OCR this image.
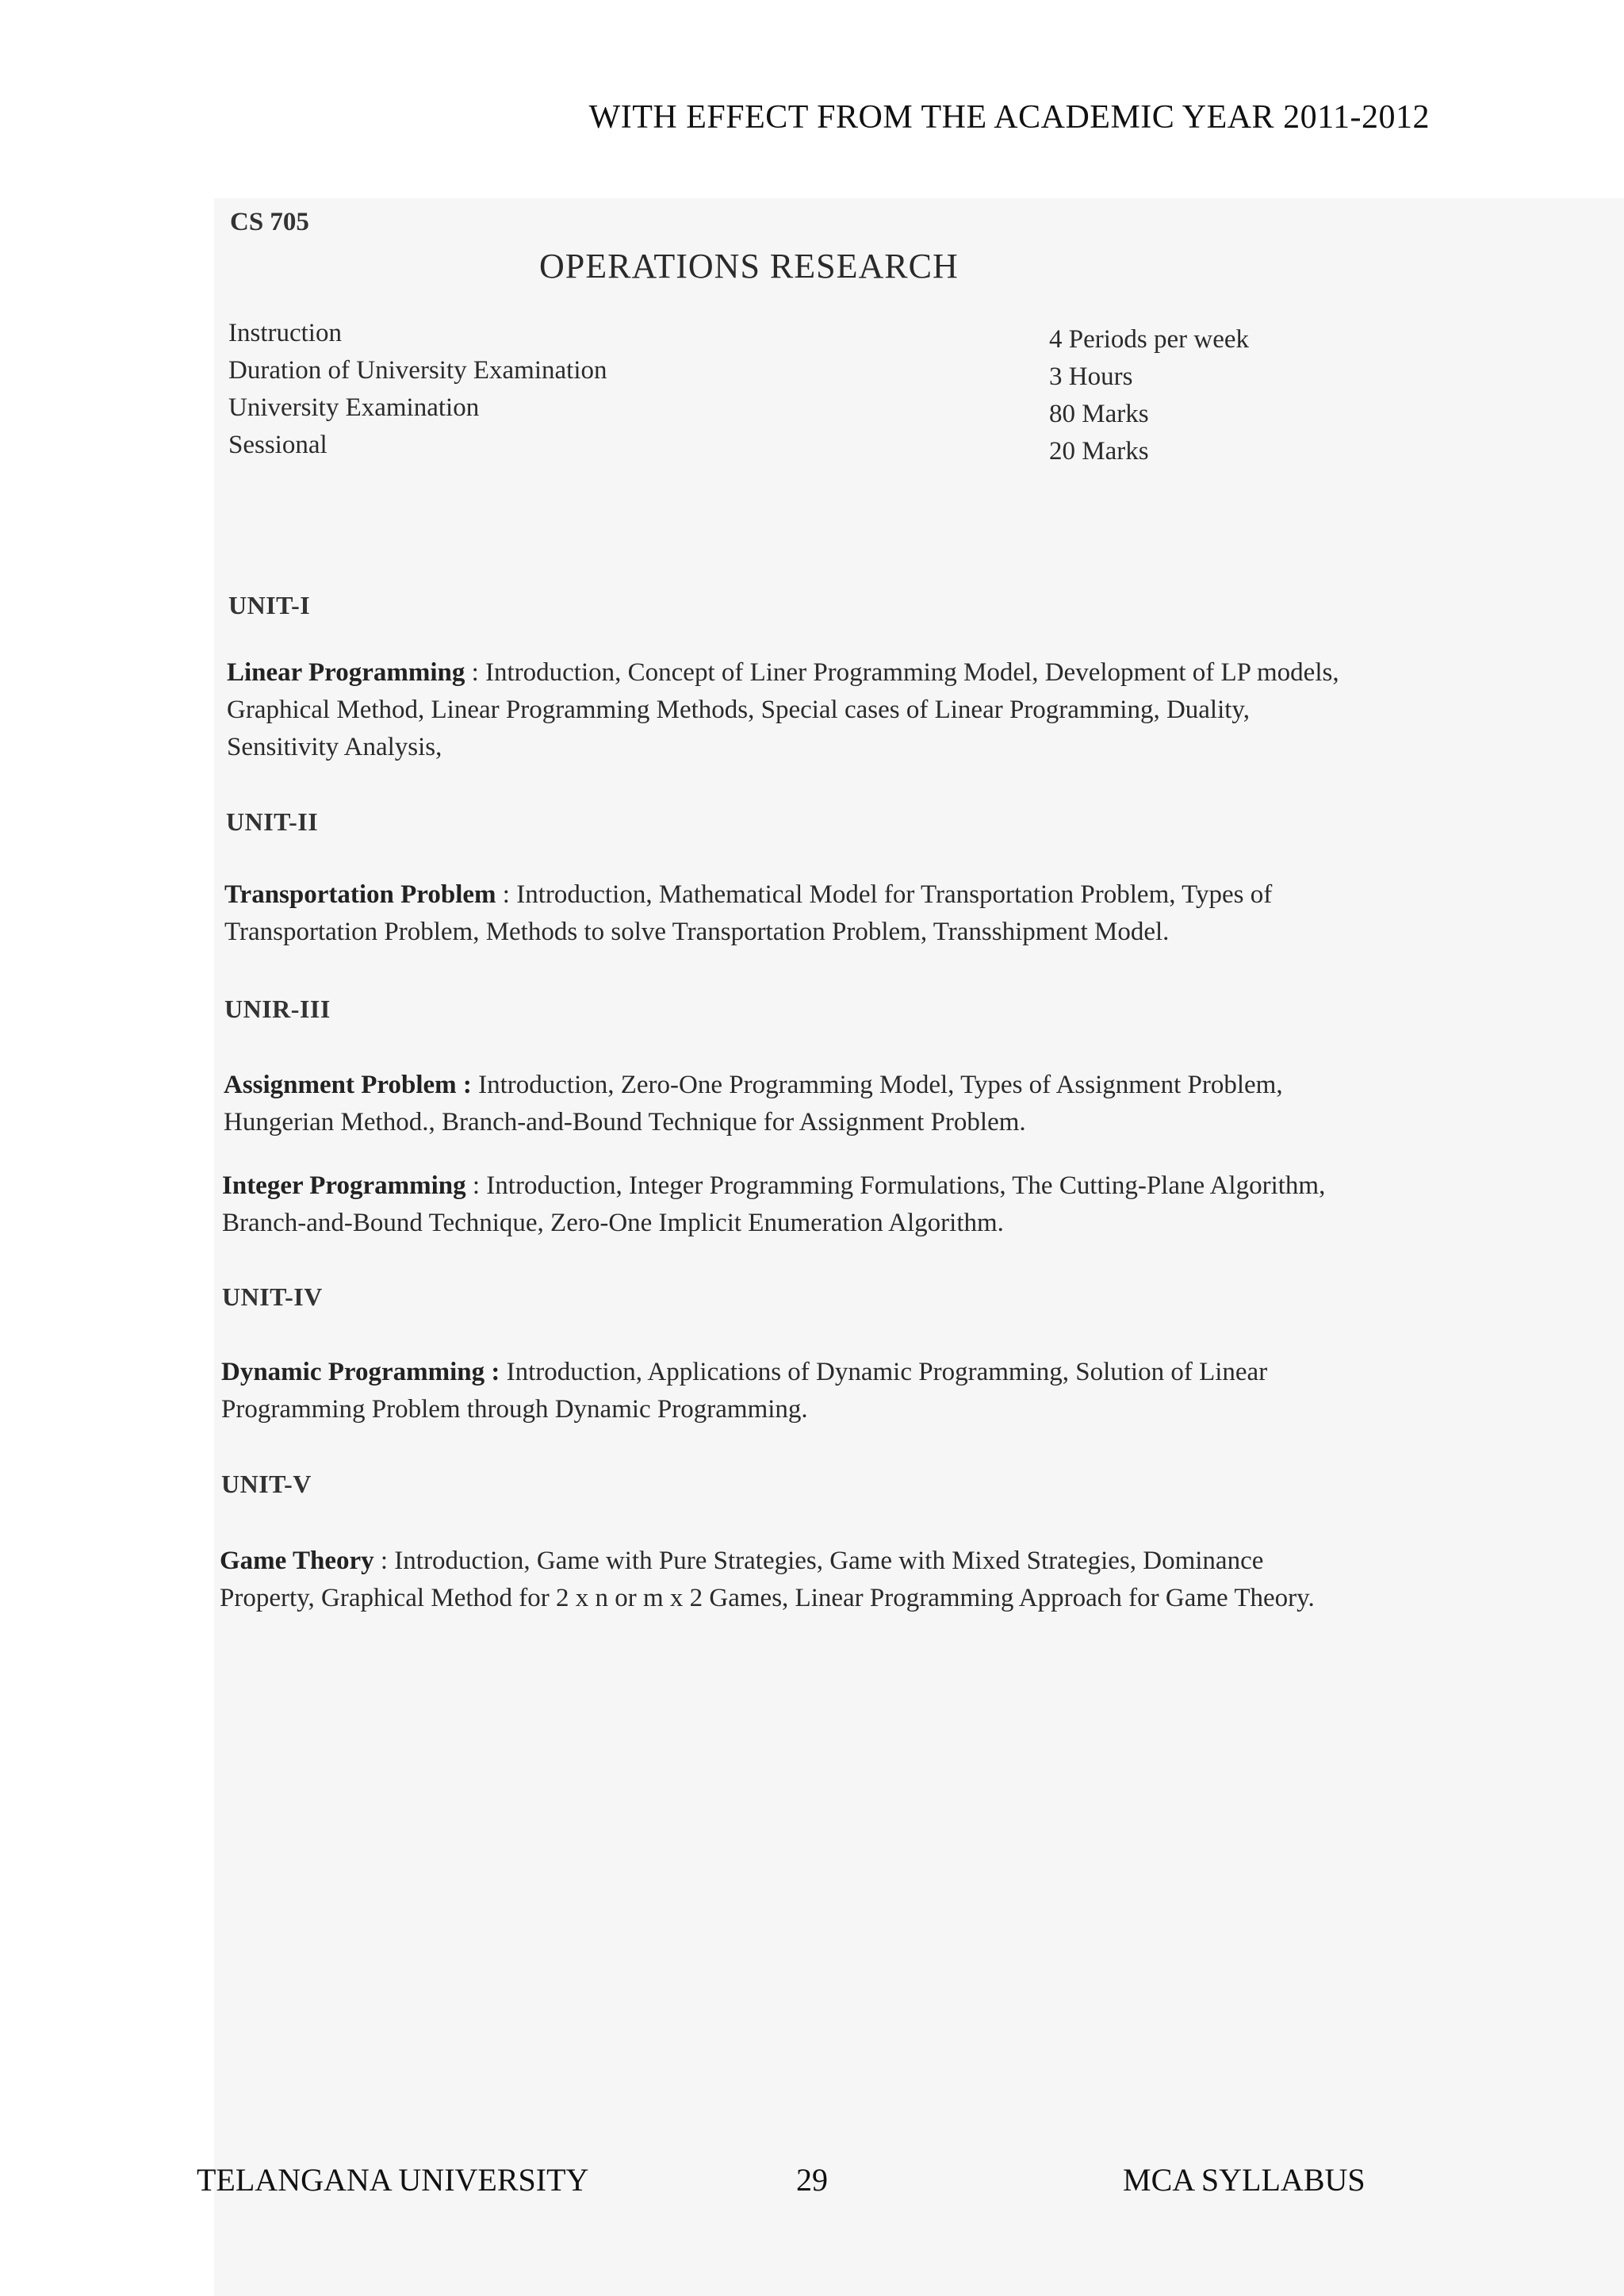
WITH EFFECT FROM THE ACADEMIC YEAR 2011-2012
CS 705
OPERATIONS RESEARCH
Instruction
Duration of University Examination
University Examination
Sessional
4 Periods per week
3 Hours
80 Marks
20 Marks
UNIT-I
Linear Programming : Introduction, Concept of Liner Programming Model, Development of LP models, Graphical Method, Linear Programming Methods, Special cases of Linear Programming, Duality, Sensitivity Analysis,
UNIT-II
Transportation Problem : Introduction, Mathematical Model for Transportation Problem, Types of Transportation Problem, Methods to solve Transportation Problem, Transshipment Model.
UNIR-III
Assignment Problem : Introduction, Zero-One Programming Model, Types of Assignment Problem, Hungerian Method., Branch-and-Bound Technique for Assignment Problem.
Integer Programming : Introduction, Integer Programming Formulations, The Cutting-Plane Algorithm, Branch-and-Bound Technique, Zero-One Implicit Enumeration Algorithm.
UNIT-IV
Dynamic Programming : Introduction, Applications of Dynamic Programming, Solution of Linear Programming Problem through Dynamic Programming.
UNIT-V
Game Theory : Introduction, Game with Pure Strategies, Game with Mixed Strategies, Dominance Property, Graphical Method for 2 x n or m x 2 Games, Linear Programming Approach for Game Theory.
TELANGANA UNIVERSITY	29	MCA SYLLABUS
